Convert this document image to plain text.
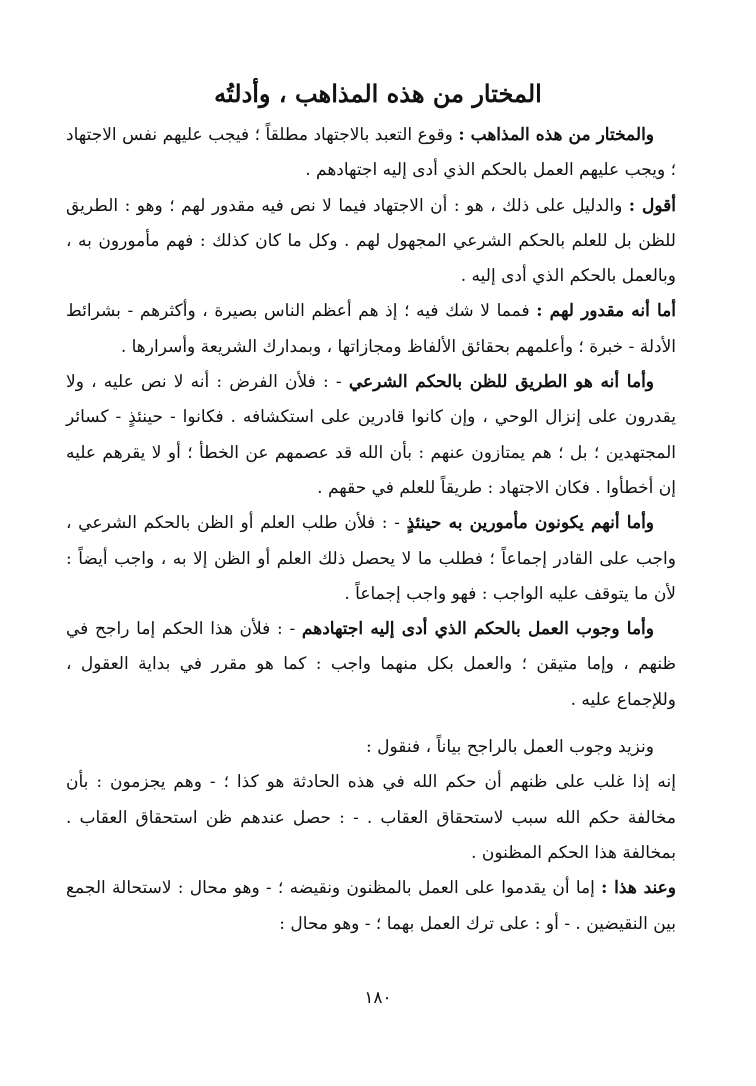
المختار من هذه المذاهب ، وأدلتُه

والمختار من هذه المذاهب : وقوع التعبد بالاجتهاد مطلقاً ؛ فيجب عليهم نفس الاجتهاد ؛ ويجب عليهم العمل بالحكم الذي أدى إليه اجتهادهم .

أقول : والدليل على ذلك ، هو : أن الاجتهاد فيما لا نص فيه مقدور لهم ؛ وهو : الطريق للظن بل للعلم بالحكم الشرعي المجهول لهم . وكل ما كان كذلك : فهم مأمورون به ، وبالعمل بالحكم الذي أدى إليه .

أما أنه مقدور لهم : فمما لا شك فيه ؛ إذ هم أعظم الناس بصيرة ، وأكثرهم - بشرائط الأدلة - خبرة ؛ وأعلمهم بحقائق الألفاظ ومجازاتها ، وبمدارك الشريعة وأسرارها .

وأما أنه هو الطريق للظن بالحكم الشرعي - : فلأن الفرض : أنه لا نص عليه ، ولا يقدرون على إنزال الوحي ، وإن كانوا قادرين على استكشافه . فكانوا - حينئذٍ - كسائر المجتهدين ؛ بل ؛ هم يمتازون عنهم : بأن الله قد عصمهم عن الخطأ ؛ أو لا يقرهم عليه إن أخطأوا . فكان الاجتهاد : طريقاً للعلم في حقهم .

وأما أنهم يكونون مأمورين به حينئذٍ - : فلأن طلب العلم أو الظن بالحكم الشرعي ، واجب على القادر إجماعاً ؛ فطلب ما لا يحصل ذلك العلم أو الظن إلا به ، واجب أيضاً : لأن ما يتوقف عليه الواجب : فهو واجب إجماعاً .

وأما وجوب العمل بالحكم الذي أدى إليه اجتهادهم - : فلأن هذا الحكم إما راجح في ظنهم ، وإما متيقن ؛ والعمل بكل منهما واجب : كما هو مقرر في بداية العقول ، وللإجماع عليه .

ونزيد وجوب العمل بالراجح بياناً ، فنقول :

إنه إذا غلب على ظنهم أن حكم الله في هذه الحادثة هو كذا ؛ - وهم يجزمون : بأن مخالفة حكم الله سبب لاستحقاق العقاب . - : حصل عندهم ظن استحقاق العقاب . بمخالفة هذا الحكم المظنون .

وعند هذا : إما أن يقدموا على العمل بالمظنون ونقيضه ؛ - وهو محال : لاستحالة الجمع بين النقيضين . - أو : على ترك العمل بهما ؛ - وهو محال :

١٨٠
